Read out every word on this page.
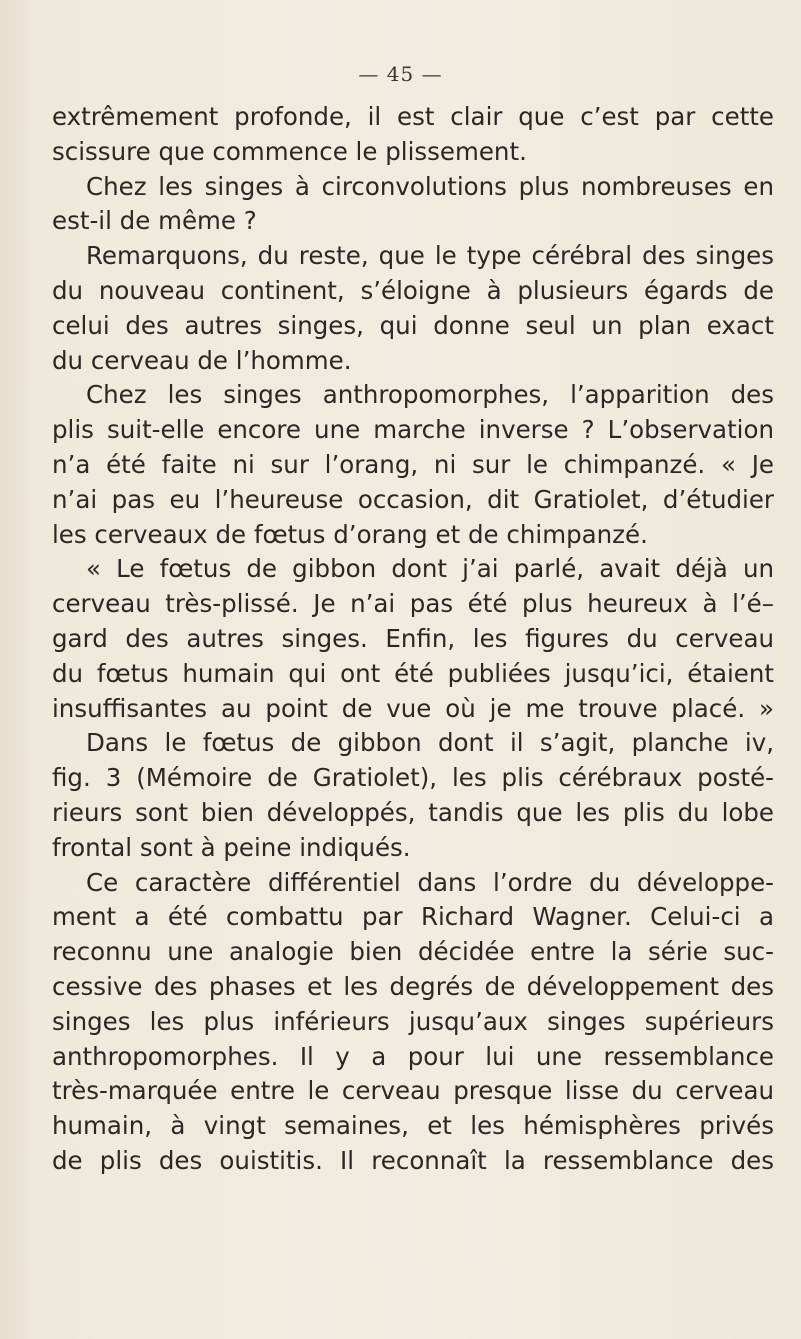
— 45 —
extrêmement profonde, il est clair que c’est par cette
scissure que commence le plissement.
Chez les singes à circonvolutions plus nombreuses en
est-il de même ?
Remarquons, du reste, que le type cérébral des singes
du nouveau continent, s’éloigne à plusieurs égards de
celui des autres singes, qui donne seul un plan exact
du cerveau de l’homme.
Chez les singes anthropomorphes, l’apparition des
plis suit-elle encore une marche inverse ? L’observation
n’a été faite ni sur l’orang, ni sur le chimpanzé. « Je
n’ai pas eu l’heureuse occasion, dit Gratiolet, d’étudier
les cerveaux de fœtus d’orang et de chimpanzé.
« Le fœtus de gibbon dont j’ai parlé, avait déjà un
cerveau très-plissé. Je n’ai pas été plus heureux à l’é–
gard des autres singes. Enfin, les figures du cerveau
du fœtus humain qui ont été publiées jusqu’ici, étaient
insuffisantes au point de vue où je me trouve placé. »
Dans le fœtus de gibbon dont il s’agit, planche iv,
fig. 3 (Mémoire de Gratiolet), les plis cérébraux posté-
rieurs sont bien développés, tandis que les plis du lobe
frontal sont à peine indiqués.
Ce caractère différentiel dans l’ordre du développe-
ment a été combattu par Richard Wagner. Celui-ci a
reconnu une analogie bien décidée entre la série suc-
cessive des phases et les degrés de développement des
singes les plus inférieurs jusqu’aux singes supérieurs
anthropomorphes. Il y a pour lui une ressemblance
très-marquée entre le cerveau presque lisse du cerveau
humain, à vingt semaines, et les hémisphères privés
de plis des ouistitis. Il reconnaît la ressemblance des
